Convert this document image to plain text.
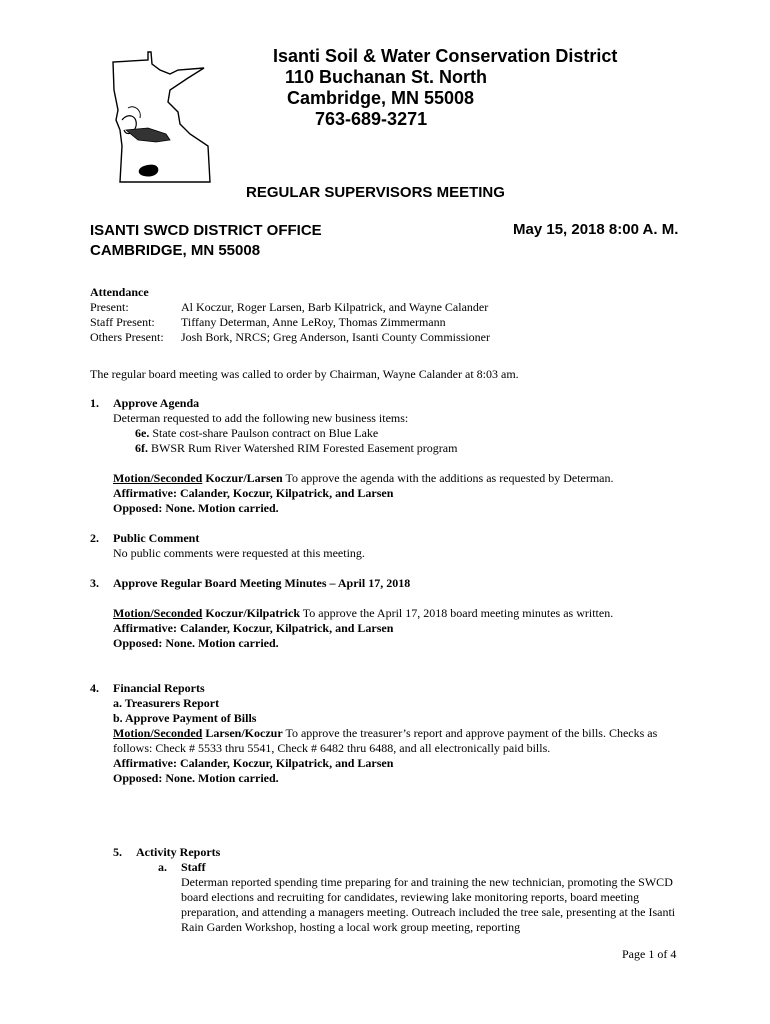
Isanti Soil & Water Conservation District
110 Buchanan St. North
Cambridge, MN 55008
763-689-3271
REGULAR SUPERVISORS MEETING
ISANTI SWCD DISTRICT OFFICE
CAMBRIDGE, MN 55008
May 15, 2018 8:00 A. M.
Attendance
Present:	Al Koczur, Roger Larsen, Barb Kilpatrick, and Wayne Calander
Staff Present:	Tiffany Determan, Anne LeRoy, Thomas Zimmermann
Others Present:	Josh Bork, NRCS; Greg Anderson, Isanti County Commissioner
The regular board meeting was called to order by Chairman, Wayne Calander at 8:03 am.
1.	Approve Agenda
Determan requested to add the following new business items:
6e. State cost-share Paulson contract on Blue Lake
6f. BWSR Rum River Watershed RIM Forested Easement program
Motion/Seconded Koczur/Larsen To approve the agenda with the additions as requested by Determan.
Affirmative: Calander, Koczur, Kilpatrick, and Larsen
Opposed: None. Motion carried.
2.	Public Comment
No public comments were requested at this meeting.
3.	Approve Regular Board Meeting Minutes – April 17, 2018
Motion/Seconded Koczur/Kilpatrick To approve the April 17, 2018 board meeting minutes as written.
Affirmative: Calander, Koczur, Kilpatrick, and Larsen
Opposed: None. Motion carried.
4.	Financial Reports
a. Treasurers Report
b. Approve Payment of Bills
Motion/Seconded Larsen/Koczur To approve the treasurer’s report and approve payment of the bills. Checks as follows: Check # 5533 thru 5541, Check # 6482 thru 6488, and all electronically paid bills.
Affirmative: Calander, Koczur, Kilpatrick, and Larsen
Opposed: None. Motion carried.
5.	Activity Reports
a.	Staff
Determan reported spending time preparing for and training the new technician, promoting the SWCD board elections and recruiting for candidates, reviewing lake monitoring reports, board meeting preparation, and attending a managers meeting. Outreach included the tree sale, presenting at the Isanti Rain Garden Workshop, hosting a local work group meeting, reporting
Page 1 of 4
